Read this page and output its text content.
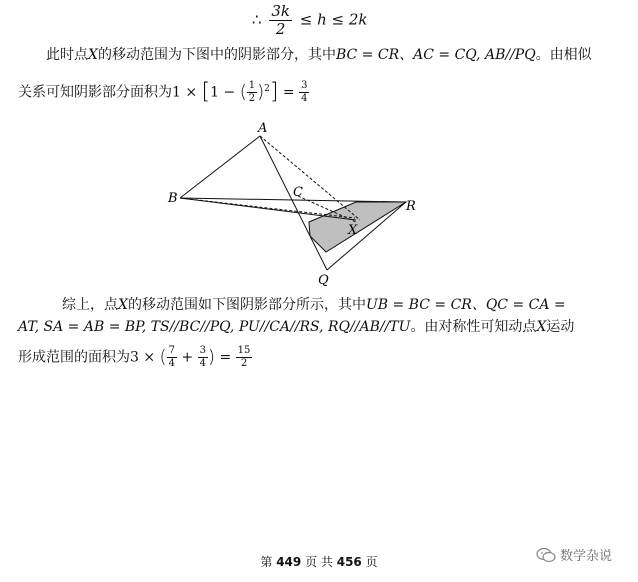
∴ $\frac{3k}{2} \le h \le 2k$
此时点X的移动范围为下图中的阴影部分，其中BC = CR、AC = CQ, AB//PQ。由相似
关系可知阴影部分面积为1 × [1 − ( $\frac{1}{2} )^2] = \frac{3}{4}$
A
B	C
R
X
Q
综上，点X的移动范围如下图阴影部分所示，其中UB = BC = CR、QC = CA =
AT, SA = AB = BP, TS//BC//PQ, PU//CA//RS, RQ//AB//TU。由对称性可知动点X运动
形成范围的面积为3 × ( $\frac{7}{4} + \frac{3}{4}$ ) = $\frac{15}{2}$
第 449 页 共 456 页	数学杂说
